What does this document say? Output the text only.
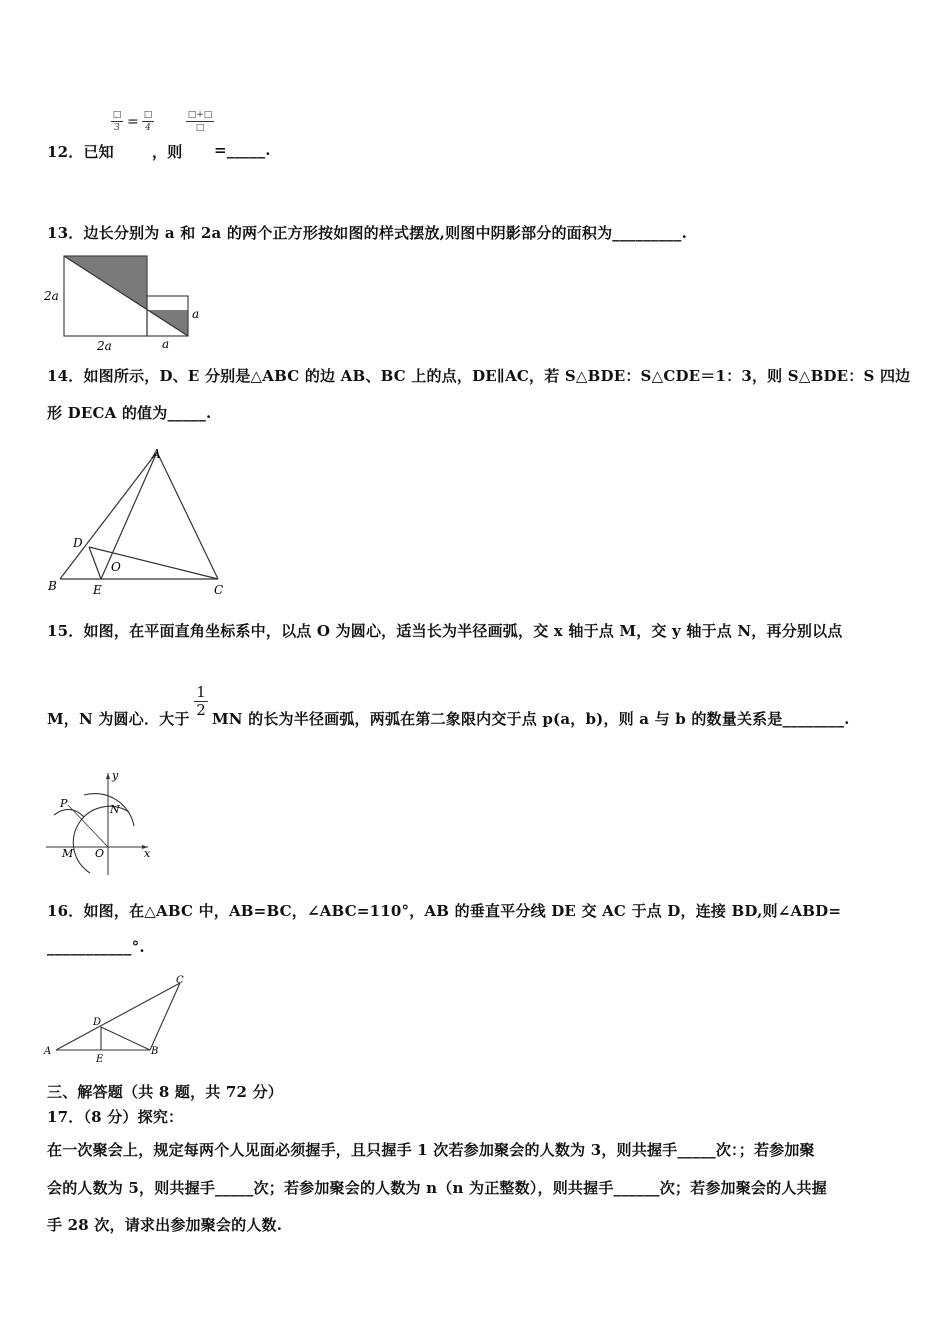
□
3 = □
4
□+□
□
12．已知	，则 =_____.
13．边长分别为 a 和 2a 的两个正方形按如图的样式摆放,则图中阴影部分的面积为_________.
2a
2a	a
a
14．如图所示，D、E 分别是△ABC 的边 AB、BC 上的点，DE∥AC，若 S△BDE：S△CDE＝1：3，则 S△BDE：S 四边
形 DECA 的值为_____.
A
B	C
D
E
O
15．如图，在平面直角坐标系中，以点 O 为圆心，适当长为半径画弧，交 x 轴于点 M，交 y 轴于点 N，再分别以点
M，N 为圆心．大于 $\frac{1}{2}$ MN 的长为半径画弧，两弧在第二象限内交于点 p(a，b)，则 a 与 b 的数量关系是________.
y
x
P	N
M O
16．如图，在△ABC 中，AB=BC，∠ABC=110°，AB 的垂直平分线 DE 交 AC 于点 D，连接 BD,则∠ABD=
___________°.
A	B
C
D
E
三、解答题（共 8 题，共 72 分）
17．（8 分）探究：
在一次聚会上，规定每两个人见面必须握手，且只握手 1 次若参加聚会的人数为 3，则共握手_____次：；若参加聚
会的人数为 5，则共握手_____次；若参加聚会的人数为 n（n 为正整数），则共握手______次；若参加聚会的人共握
手 28 次，请求出参加聚会的人数.
